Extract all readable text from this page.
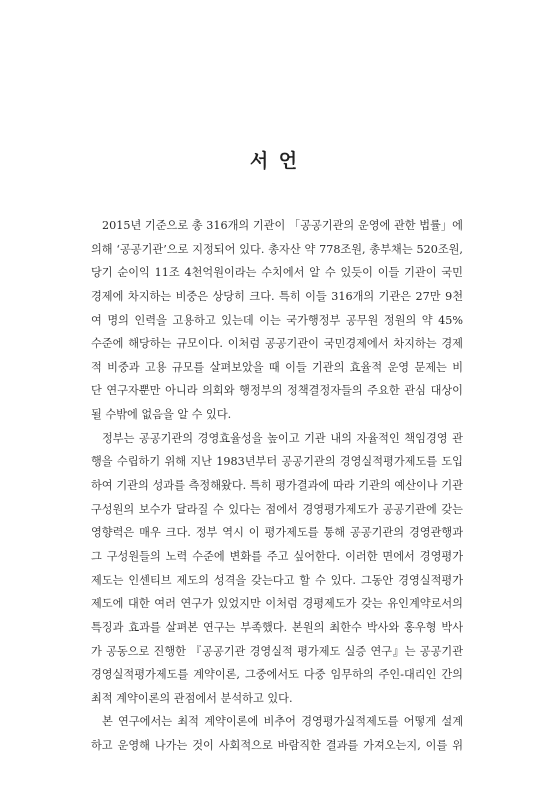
서 언
2015년 기준으로 총 316개의 기관이 「공공기관의 운영에 관한 법률」에
의해 ‘공공기관’으로 지정되어 있다. 총자산 약 778조원, 총부채는 520조원,
당기 순이익 11조 4천억원이라는 수치에서 알 수 있듯이 이들 기관이 국민
경제에 차지하는 비중은 상당히 크다. 특히 이들 316개의 기관은 27만 9천
여 명의 인력을 고용하고 있는데 이는 국가행정부 공무원 정원의 약 45%
수준에 해당하는 규모이다. 이처럼 공공기관이 국민경제에서 차지하는 경제
적 비중과 고용 규모를 살펴보았을 때 이들 기관의 효율적 운영 문제는 비
단 연구자뿐만 아니라 의회와 행정부의 정책결정자들의 주요한 관심 대상이
될 수밖에 없음을 알 수 있다.
정부는 공공기관의 경영효율성을 높이고 기관 내의 자율적인 책임경영 관
행을 수립하기 위해 지난 1983년부터 공공기관의 경영실적평가제도를 도입
하여 기관의 성과를 측정해왔다. 특히 평가결과에 따라 기관의 예산이나 기관
구성원의 보수가 달라질 수 있다는 점에서 경영평가제도가 공공기관에 갖는
영향력은 매우 크다. 정부 역시 이 평가제도를 통해 공공기관의 경영관행과
그 구성원들의 노력 수준에 변화를 주고 싶어한다. 이러한 면에서 경영평가
제도는 인센티브 제도의 성격을 갖는다고 할 수 있다. 그동안 경영실적평가
제도에 대한 여러 연구가 있었지만 이처럼 경평제도가 갖는 유인계약로서의
특징과 효과를 살펴본 연구는 부족했다. 본원의 최한수 박사와 홍우형 박사
가 공동으로 진행한 『공공기관 경영실적 평가제도 실증 연구』는 공공기관
경영실적평가제도를 계약이론, 그중에서도 다중 임무하의 주인-대리인 간의
최적 계약이론의 관점에서 분석하고 있다.
본 연구에서는 최적 계약이론에 비추어 경영평가실적제도를 어떻게 설계
하고 운영해 나가는 것이 사회적으로 바람직한 결과를 가져오는지, 이를 위
